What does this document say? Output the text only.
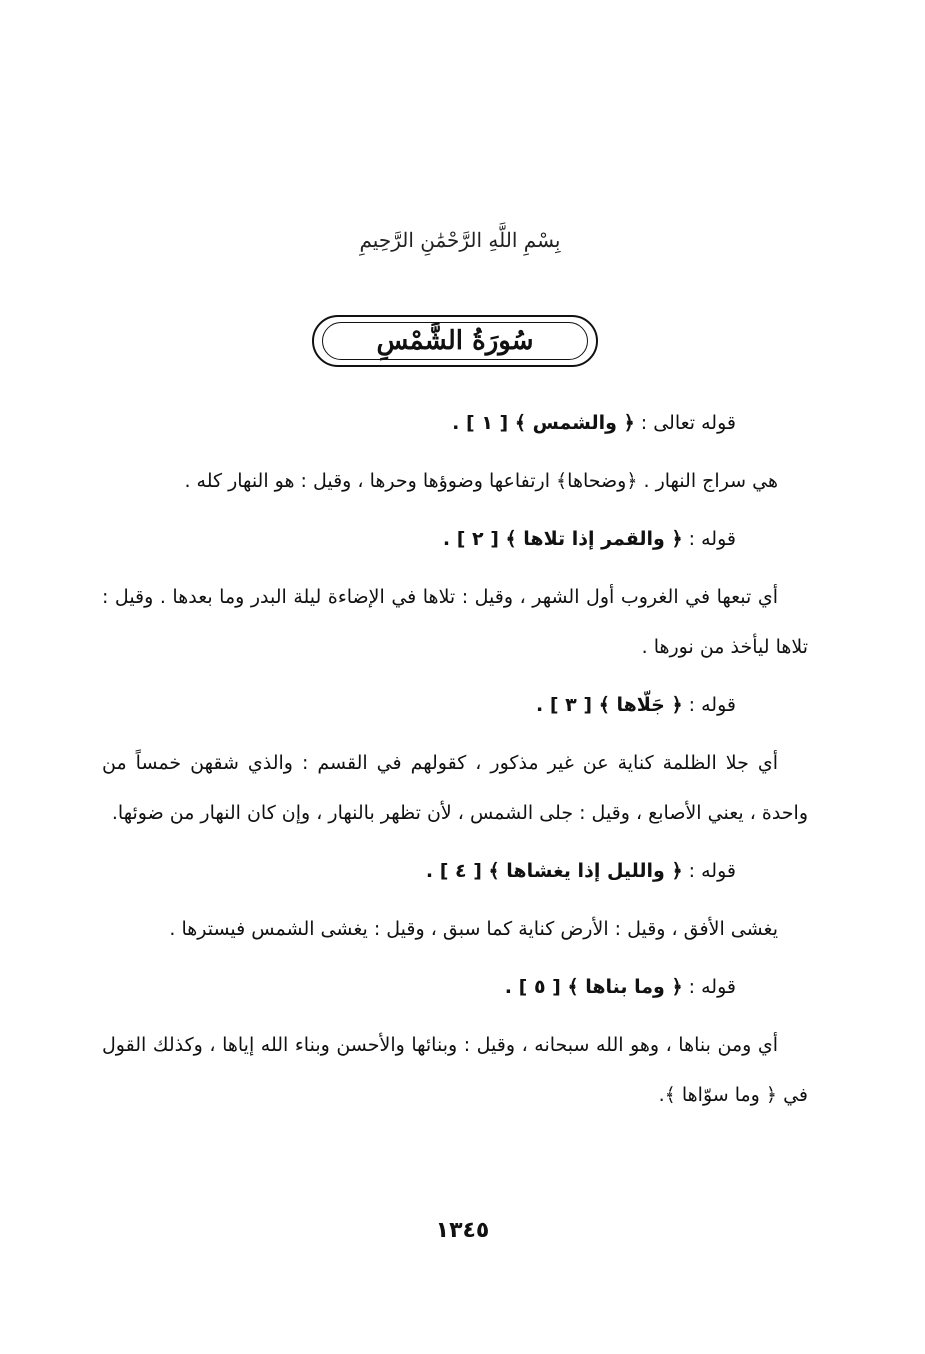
بِسْمِ اللَّهِ الرَّحْمَٰنِ الرَّحِيمِ
سُورَةُ الشَّمْسِ

قوله تعالى : ﴿ والشمس ﴾ [ ١ ] .

هي سراج النهار . ﴿وضحاها﴾ ارتفاعها وضوؤها وحرها ، وقيل : هو النهار كله .

قوله : ﴿ والقمر إذا تلاها ﴾ [ ٢ ] .

أي تبعها في الغروب أول الشهر ، وقيل : تلاها في الإضاءة ليلة البدر وما بعدها . وقيل : تلاها ليأخذ من نورها .

قوله : ﴿ جَلّاها ﴾ [ ٣ ] .

أي جلا الظلمة كناية عن غير مذكور ، كقولهم في القسم : والذي شقهن خمساً من واحدة ، يعني الأصابع ، وقيل : جلى الشمس ، لأن تظهر بالنهار ، وإن كان النهار من ضوئها.

قوله : ﴿ والليل إذا يغشاها ﴾ [ ٤ ] .

يغشى الأفق ، وقيل : الأرض كناية كما سبق ، وقيل : يغشى الشمس فيسترها .

قوله : ﴿ وما بناها ﴾ [ ٥ ] .

أي ومن بناها ، وهو الله سبحانه ، وقيل : وبنائها والأحسن وبناء الله إياها ، وكذلك القول في ﴿ وما سوّاها ﴾.

١٣٤٥
